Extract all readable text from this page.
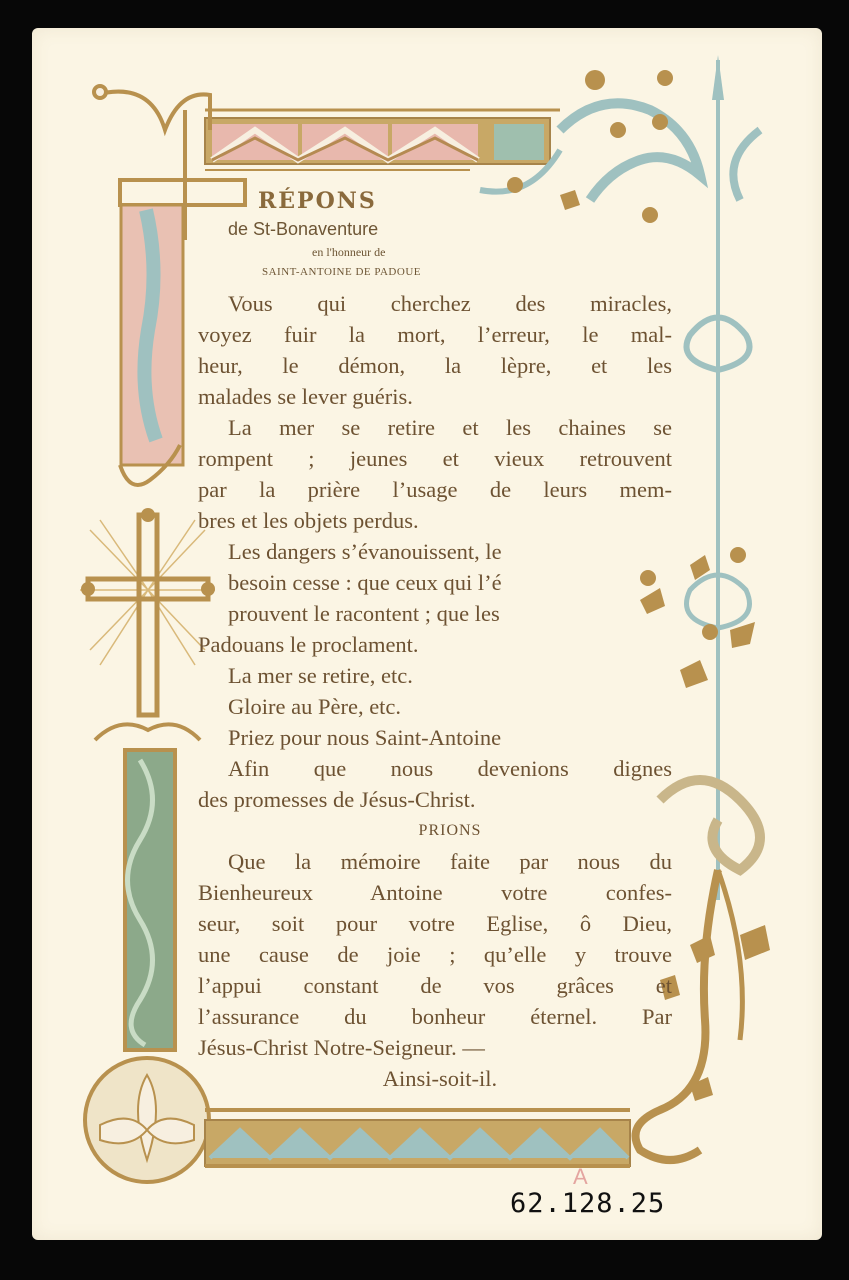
RÉPONS
de St-Bonaventure
en l'honneur de
SAINT-ANTOINE DE PADOUE
Vous qui cherchez des miracles,
voyez fuir la mort, l’erreur, le mal-
heur, le démon, la lèpre, et les
malades se lever guéris.
La mer se retire et les chaines se
rompent ; jeunes et vieux retrouvent
par la prière l’usage de leurs mem-
bres et les objets perdus.
Les dangers s’évanouissent, le
besoin cesse : que ceux qui l’é
prouvent le racontent ; que les
Padouans le proclament.
La mer se retire, etc.
Gloire au Père, etc.
Priez pour nous Saint-Antoine
Afin que nous devenions dignes
des promesses de Jésus-Christ.
PRIONS
Que la mémoire faite par nous du
Bienheureux Antoine votre confes-
seur, soit pour votre Eglise, ô Dieu,
une cause de joie ; qu’elle y trouve
l’appui constant de vos grâces et
l’assurance du bonheur éternel. Par
Jésus-Christ Notre-Seigneur. —
Ainsi-soit-il.
A
62.128.25
